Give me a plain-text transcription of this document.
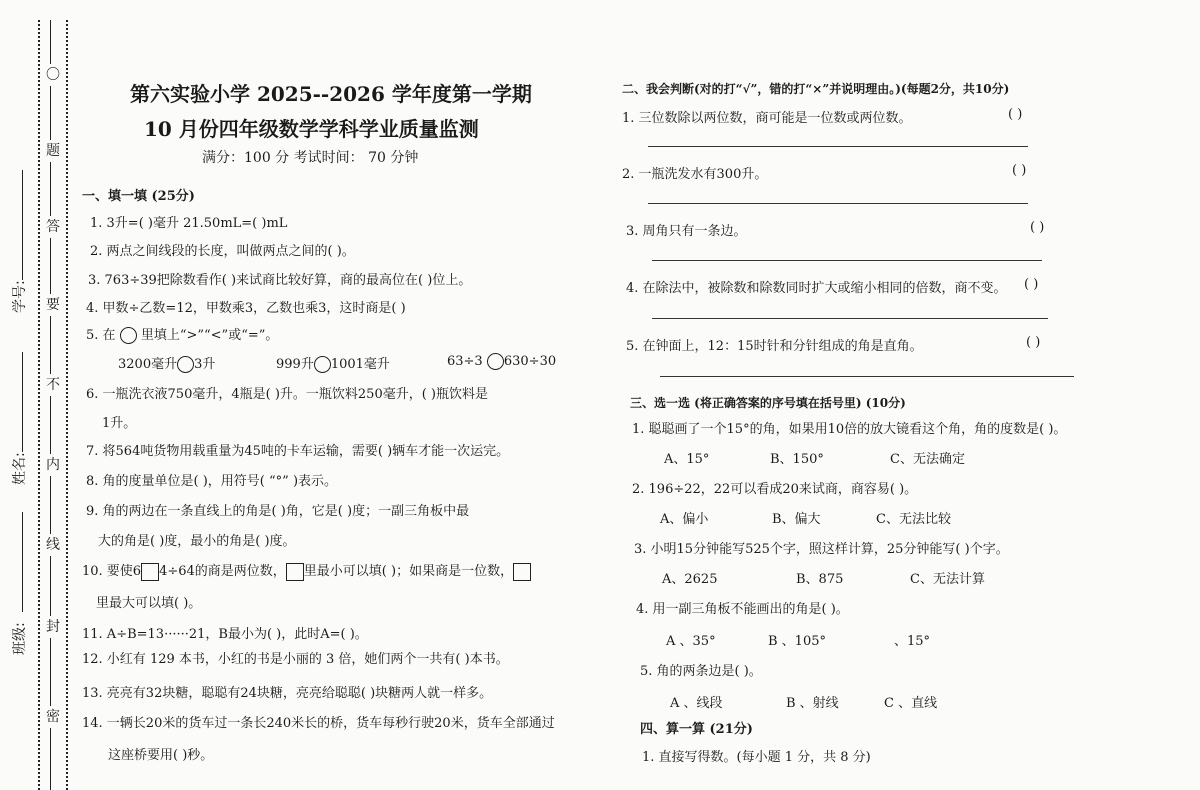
〇
题
答
要
不
内
线
封
密
学号:
姓名:
班级:
第六实验小学 2025--2026 学年度第一学期
10 月份四年级数学学科学业质量监测
满分：100 分 考试时间： 70 分钟
一、填一填 (25分)
1. 3升=( )毫升 21.50mL=( )mL
2. 两点之间线段的长度，叫做两点之间的( )。
3. 763÷39把除数看作( )来试商比较好算，商的最高位在( )位上。
4. 甲数÷乙数=12，甲数乘3，乙数也乘3，这时商是( )
5. 在 里填上“>”“<”或“=”。
3200毫升 3升	999升 1001毫升	63÷3 630÷30
6. 一瓶洗衣液750毫升，4瓶是( )升。一瓶饮料250毫升，( )瓶饮料是
1升。
7. 将564吨货物用载重量为45吨的卡车运输，需要( )辆车才能一次运完。
8. 角的度量单位是( )，用符号( “°” )表示。
9. 角的两边在一条直线上的角是( )角，它是( )度；一副三角板中最
大的角是( )度，最小的角是( )度。
10. 要使6 4÷64的商是两位数， 里最小可以填( )；如果商是一位数，
里最大可以填( )。
11. A÷B=13······21，B最小为( )，此时A=( )。
12. 小红有 129 本书，小红的书是小丽的 3 倍，她们两个一共有( )本书。
13. 亮亮有32块糖，聪聪有24块糖，亮亮给聪聪( )块糖两人就一样多。
14. 一辆长20米的货车过一条长240米长的桥，货车每秒行驶20米，货车全部通过
这座桥要用( )秒。
二、我会判断(对的打“√”，错的打“×”并说明理由。)(每题2分，共10分)
1. 三位数除以两位数，商可能是一位数或两位数。	( )
2. 一瓶洗发水有300升。	( )
3. 周角只有一条边。	( )
4. 在除法中，被除数和除数同时扩大或缩小相同的倍数，商不变。 ( )
5. 在钟面上，12：15时针和分针组成的角是直角。	( )
三、选一选 (将正确答案的序号填在括号里) (10分)
1. 聪聪画了一个15°的角，如果用10倍的放大镜看这个角，角的度数是( )。
A、15°	B、150°	C、无法确定
2. 196÷22，22可以看成20来试商，商容易( )。
A、偏小	B、偏大	C、无法比较
3. 小明15分钟能写525个字，照这样计算，25分钟能写( )个字。
A、2625	B、875	C、无法计算
4. 用一副三角板不能画出的角是( )。
A 、35°	B 、105°	、15°
5. 角的两条边是( )。
A 、线段	B 、射线	C 、直线
四、算一算 (21分)
1. 直接写得数。(每小题 1 分，共 8 分)
